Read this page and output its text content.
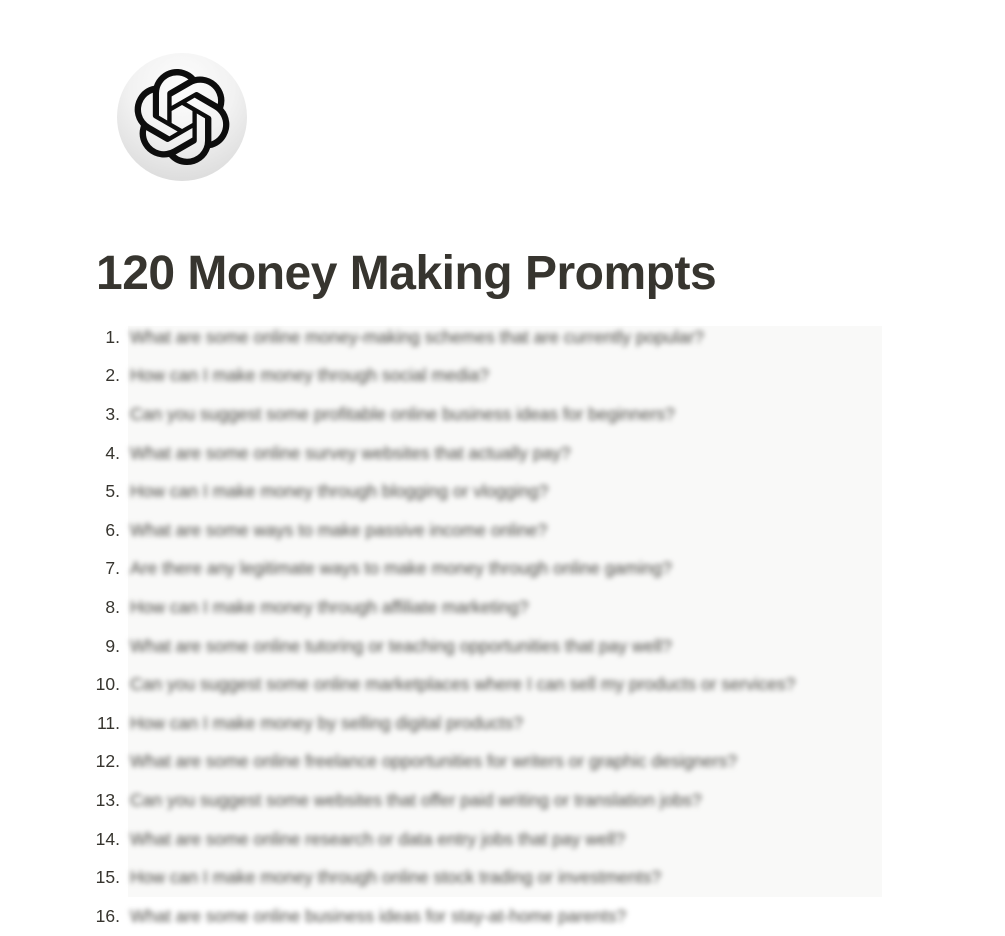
120 Money Making Prompts
1. What are some online money-making schemes that are currently popular?
2. How can I make money through social media?
3. Can you suggest some profitable online business ideas for beginners?
4. What are some online survey websites that actually pay?
5. How can I make money through blogging or vlogging?
6. What are some ways to make passive income online?
7. Are there any legitimate ways to make money through online gaming?
8. How can I make money through affiliate marketing?
9. What are some online tutoring or teaching opportunities that pay well?
10. Can you suggest some online marketplaces where I can sell my products or services?
11. How can I make money by selling digital products?
12. What are some online freelance opportunities for writers or graphic designers?
13. Can you suggest some websites that offer paid writing or translation jobs?
14. What are some online research or data entry jobs that pay well?
15. How can I make money through online stock trading or investments?
16. What are some online business ideas for stay-at-home parents?
